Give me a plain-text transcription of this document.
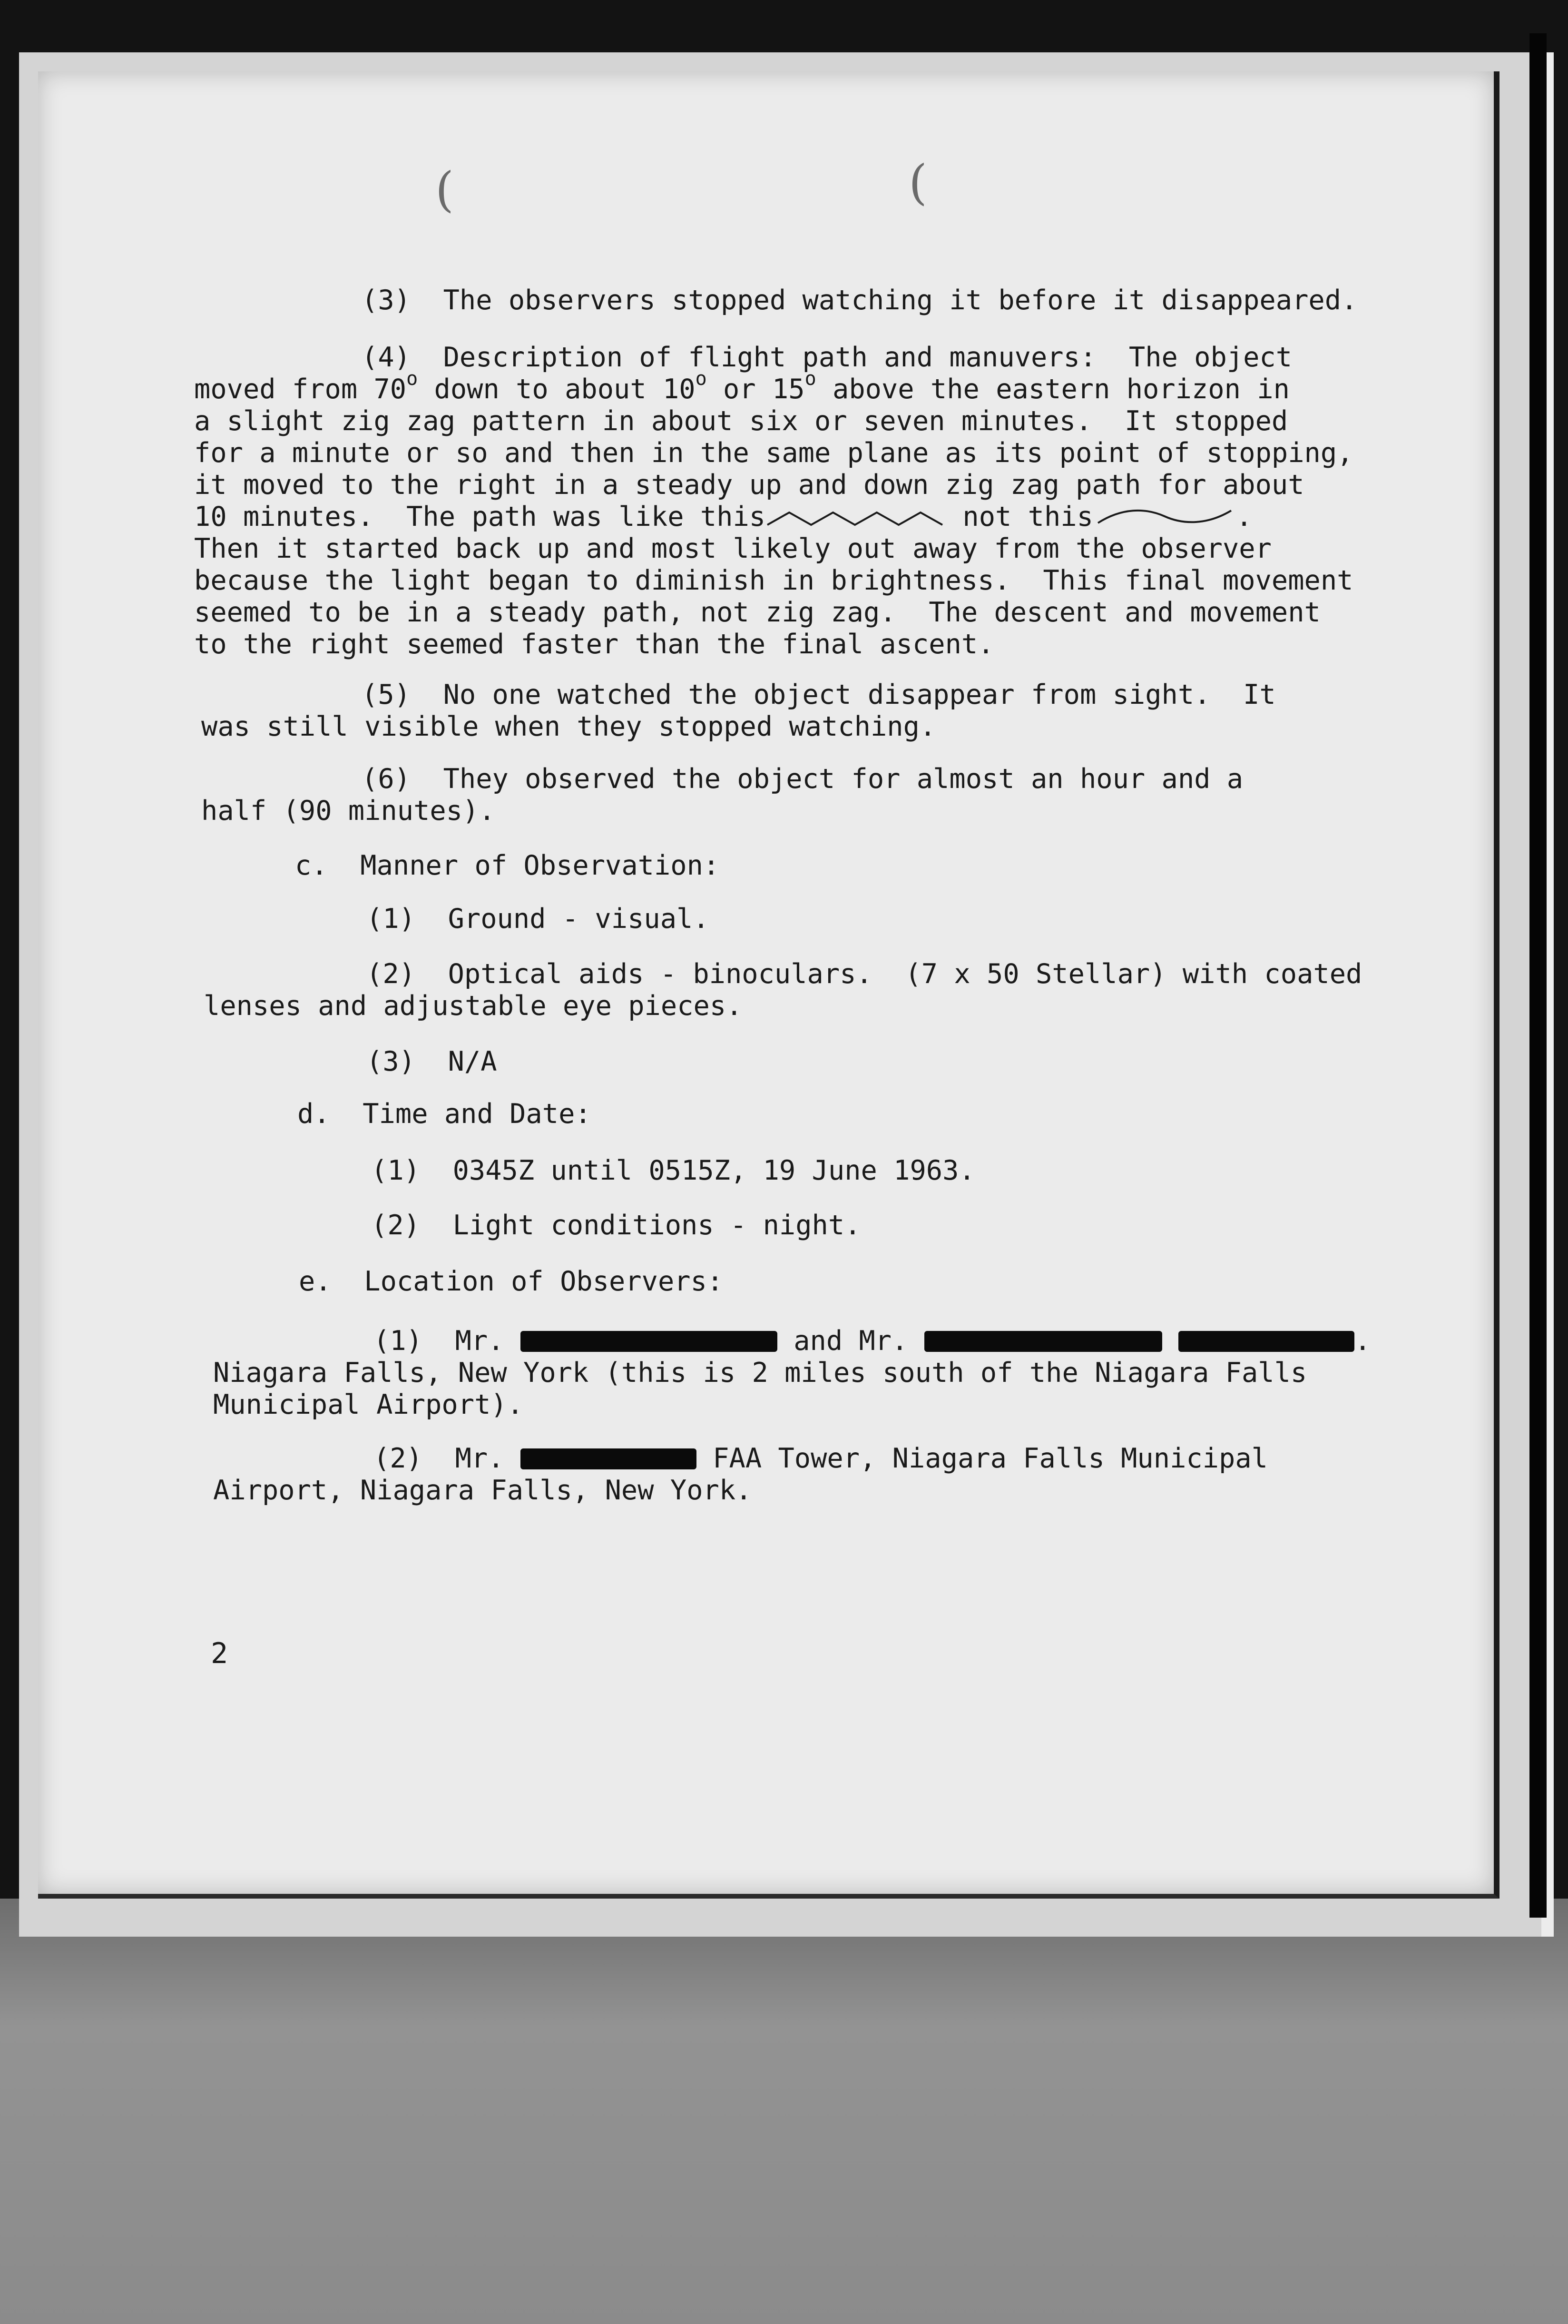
(	(

(3)  The observers stopped watching it before it disappeared.

(4)  Description of flight path and manuvers:  The object

moved from 70$^o$ down to about 10$^o$ or 15$^o$ above the eastern horizon in

a slight zig zag pattern in about six or seven minutes.  It stopped

for a minute or so and then in the same plane as its point of stopping,

it moved to the right in a steady up and down zig zag path for about

10 minutes.  The path was like this	not this	.

Then it started back up and most likely out away from the observer

because the light began to diminish in brightness.  This final movement

seemed to be in a steady path, not zig zag.  The descent and movement

to the right seemed faster than the final ascent.

(5)  No one watched the object disappear from sight.  It

was still visible when they stopped watching.

(6)  They observed the object for almost an hour and a

half (90 minutes).

c.  Manner of Observation:

(1)  Ground - visual.

(2)  Optical aids - binoculars.  (7 x 50 Stellar) with coated

lenses and adjustable eye pieces.

(3)  N/A

d.  Time and Date:

(1)  0345Z until 0515Z, 19 June 1963.

(2)  Light conditions - night.

e.  Location of Observers:

(1)  Mr.	and Mr.	.

Niagara Falls, New York (this is 2 miles south of the Niagara Falls

Municipal Airport).

(2)  Mr.	FAA Tower, Niagara Falls Municipal

Airport, Niagara Falls, New York.

2
